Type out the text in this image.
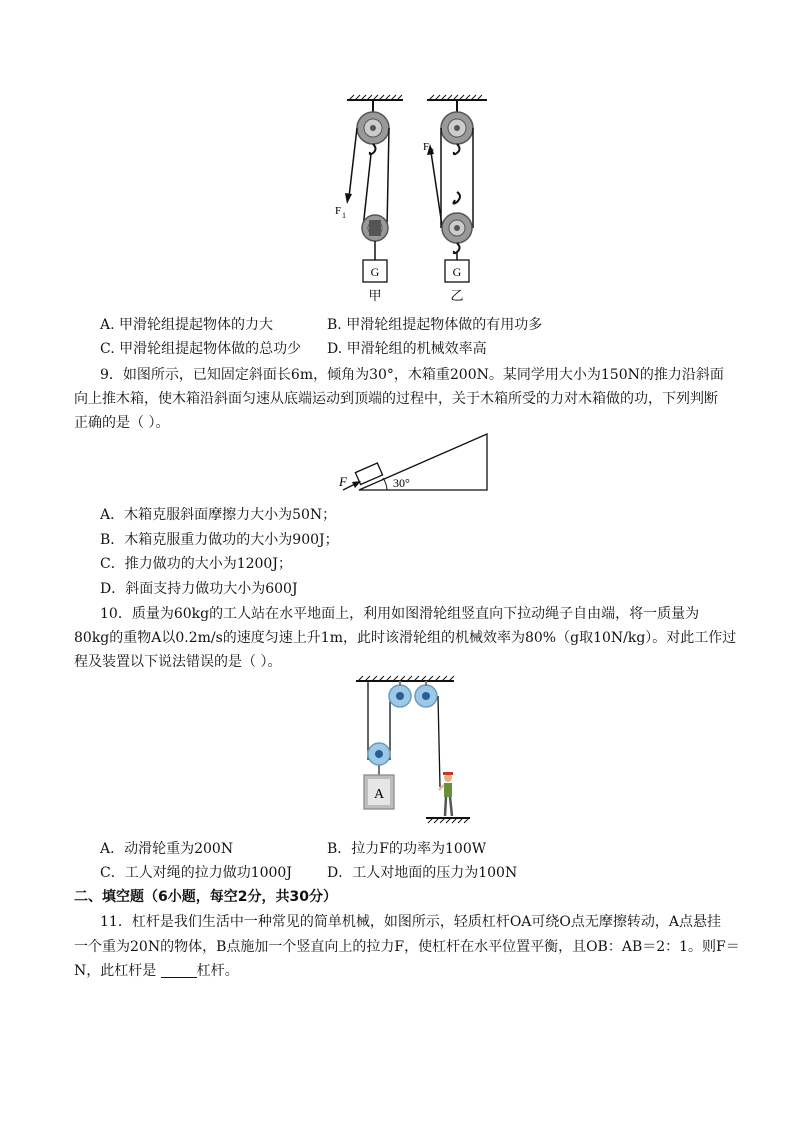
G
F 1
甲
G
F 2
乙
A. 甲滑轮组提起物体的力大	B. 甲滑轮组提起物体做的有用功多
C. 甲滑轮组提起物体做的总功少 D. 甲滑轮组的机械效率高
9．如图所示，已知固定斜面长6m，倾角为30°，木箱重200N。某同学用大小为150N的推力沿斜面
向上推木箱，使木箱沿斜面匀速从底端运动到顶端的过程中，关于木箱所受的力对木箱做的功，下列判断
正确的是（ ）。
F	30°
A．木箱克服斜面摩擦力大小为50N；
B．木箱克服重力做功的大小为900J；
C．推力做功的大小为1200J；
D．斜面支持力做功大小为600J
10．质量为60kg的工人站在水平地面上，利用如图滑轮组竖直向下拉动绳子自由端，将一质量为
80kg的重物A以0.2m/s的速度匀速上升1m，此时该滑轮组的机械效率为80%（g取10N/kg）。对此工作过
程及装置以下说法错误的是（ ）。
A
A．动滑轮重为200N	B．拉力F的功率为100W
C．工人对绳的拉力做功1000J	D．工人对地面的压力为100N
二、填空题（6小题，每空2分，共30分）
11．杠杆是我们生活中一种常见的简单机械，如图所示，轻质杠杆OA可绕O点无摩擦转动，A点悬挂
一个重为20N的物体，B点施加一个竖直向上的拉力F，使杠杆在水平位置平衡，且OB：AB＝2：1。则F＝
N，此杠杆是	杠杆。
